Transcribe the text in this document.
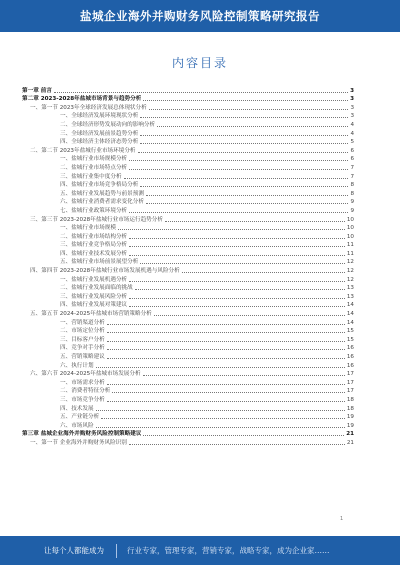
盐城企业海外并购财务风险控制策略研究报告
内容目录
第一章 前言	3
第二章 2023-2028年盐城市场背景与趋势分析	3
一、第一节 2023年全球经济发展总体现状分析	3
一、全球经济发展环境现状分析	3
二、全球经济形势发展动向的影响分析	4
三、全球经济发展前景趋势分析	4
四、全球经济主体经济态势分析	5
二、第二节 2023年盐城行业市场环境分析	6
一、盐城行业市场规模分析	6
二、盐城行业市场特点分析	7
三、盐城行业集中度分析	7
四、盐城行业市场竞争格局分析	8
五、盐城行业发展趋势与前景预测	8
六、盐城行业消费者需求变化分析	9
七、盐城行业政策环境分析	9
三、第三节 2023-2028年盐城行业市场运行趋势分析	10
一、盐城行业市场规模	10
二、盐城行业市场结构分析	10
三、盐城行业竞争格局分析	11
四、盐城行业技术发展分析	11
五、盐城行业市场前景展望分析	12
四、第四节 2023-2028年盐城行业市场发展机遇与风险分析	12
一、盐城行业发展机遇分析	12
二、盐城行业发展面临的挑战	13
三、盐城行业发展风险分析	13
四、盐城行业发展对策建议	14
五、第五节 2024-2025年盐城市场营销策略分析	14
一、营销渠道分析	14
二、市场定位分析	15
三、目标客户分析	15
四、竞争对手分析	16
五、营销策略建议	16
六、执行计划	16
六、第六节 2024-2025年盐城市场发展分析	17
一、市场需求分析	17
二、消费者特征分析	17
三、市场竞争分析	18
四、技术发展	18
五、产业链分析	19
六、市场风险	19
第三章 盐城企业海外并购财务风险控制策略建议	21
一、第一节 企业海外并购财务风险识别	21
1
让每个人都能成为	行业专家，管理专家，营销专家，战略专家，成为企业家……
